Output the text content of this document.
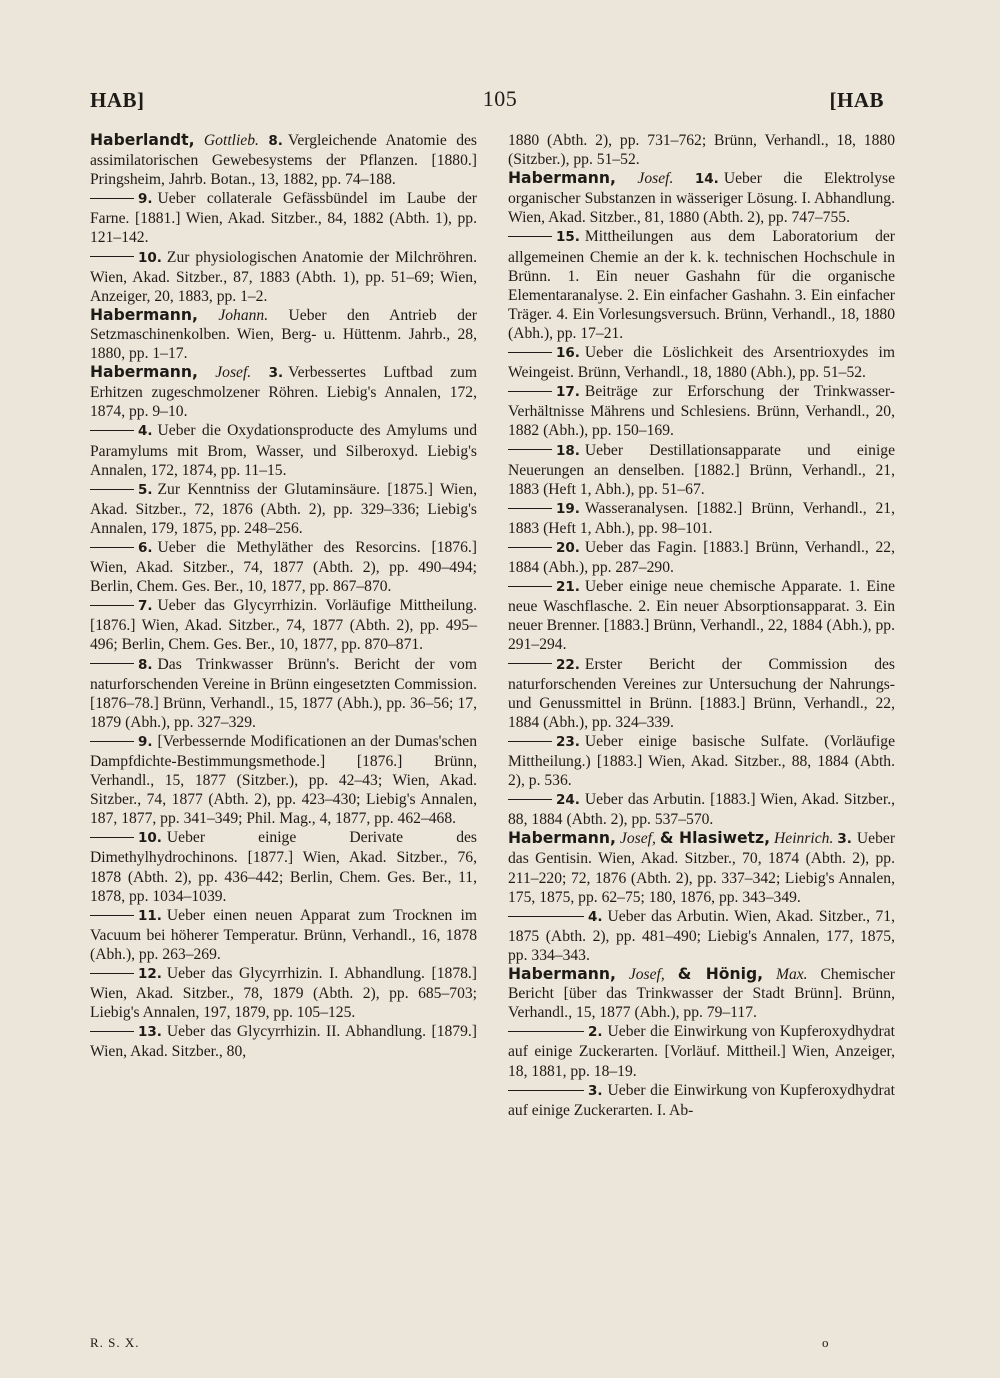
HAB]	105	[HAB

Haberlandt, Gottlieb. 8. Vergleichende Anatomie des assimilatorischen Gewebesystems der Pflanzen. [1880.] Pringsheim, Jahrb. Botan., 13, 1882, pp. 74–188.

9. Ueber collaterale Gefässbündel im Laube der Farne. [1881.] Wien, Akad. Sitzber., 84, 1882 (Abth. 1), pp. 121–142.

10. Zur physiologischen Anatomie der Milchröhren. Wien, Akad. Sitzber., 87, 1883 (Abth. 1), pp. 51–69; Wien, Anzeiger, 20, 1883, pp. 1–2.

Habermann, Johann. Ueber den Antrieb der Setzmaschinenkolben. Wien, Berg- u. Hüttenm. Jahrb., 28, 1880, pp. 1–17.

Habermann, Josef. 3. Verbessertes Luftbad zum Erhitzen zugeschmolzener Röhren. Liebig's Annalen, 172, 1874, pp. 9–10.

4. Ueber die Oxydationsproducte des Amylums und Paramylums mit Brom, Wasser, und Silberoxyd. Liebig's Annalen, 172, 1874, pp. 11–15.

5. Zur Kenntniss der Glutaminsäure. [1875.] Wien, Akad. Sitzber., 72, 1876 (Abth. 2), pp. 329–336; Liebig's Annalen, 179, 1875, pp. 248–256.

6. Ueber die Methyläther des Resorcins. [1876.] Wien, Akad. Sitzber., 74, 1877 (Abth. 2), pp. 490–494; Berlin, Chem. Ges. Ber., 10, 1877, pp. 867–870.

7. Ueber das Glycyrrhizin. Vorläufige Mittheilung. [1876.] Wien, Akad. Sitzber., 74, 1877 (Abth. 2), pp. 495–496; Berlin, Chem. Ges. Ber., 10, 1877, pp. 870–871.

8. Das Trinkwasser Brünn's. Bericht der vom naturforschenden Vereine in Brünn eingesetzten Commission. [1876–78.] Brünn, Verhandl., 15, 1877 (Abh.), pp. 36–56; 17, 1879 (Abh.), pp. 327–329.

9. [Verbessernde Modificationen an der Dumas'schen Dampfdichte-Bestimmungsmethode.] [1876.] Brünn, Verhandl., 15, 1877 (Sitzber.), pp. 42–43; Wien, Akad. Sitzber., 74, 1877 (Abth. 2), pp. 423–430; Liebig's Annalen, 187, 1877, pp. 341–349; Phil. Mag., 4, 1877, pp. 462–468.

10. Ueber einige Derivate des Dimethylhydrochinons. [1877.] Wien, Akad. Sitzber., 76, 1878 (Abth. 2), pp. 436–442; Berlin, Chem. Ges. Ber., 11, 1878, pp. 1034–1039.

11. Ueber einen neuen Apparat zum Trocknen im Vacuum bei höherer Temperatur. Brünn, Verhandl., 16, 1878 (Abh.), pp. 263–269.

12. Ueber das Glycyrrhizin. I. Abhandlung. [1878.] Wien, Akad. Sitzber., 78, 1879 (Abth. 2), pp. 685–703; Liebig's Annalen, 197, 1879, pp. 105–125.

13. Ueber das Glycyrrhizin. II. Abhandlung. [1879.] Wien, Akad. Sitzber., 80,

1880 (Abth. 2), pp. 731–762; Brünn, Verhandl., 18, 1880 (Sitzber.), pp. 51–52.

Habermann, Josef. 14. Ueber die Elektrolyse organischer Substanzen in wässeriger Lösung. I. Abhandlung. Wien, Akad. Sitzber., 81, 1880 (Abth. 2), pp. 747–755.

15. Mittheilungen aus dem Laboratorium der allgemeinen Chemie an der k. k. technischen Hochschule in Brünn. 1. Ein neuer Gashahn für die organische Elementaranalyse. 2. Ein einfacher Gashahn. 3. Ein einfacher Träger. 4. Ein Vorlesungsversuch. Brünn, Verhandl., 18, 1880 (Abh.), pp. 17–21.

16. Ueber die Löslichkeit des Arsentrioxydes im Weingeist. Brünn, Verhandl., 18, 1880 (Abh.), pp. 51–52.

17. Beiträge zur Erforschung der Trinkwasser-Verhältnisse Mährens und Schlesiens. Brünn, Verhandl., 20, 1882 (Abh.), pp. 150–169.

18. Ueber Destillationsapparate und einige Neuerungen an denselben. [1882.] Brünn, Verhandl., 21, 1883 (Heft 1, Abh.), pp. 51–67.

19. Wasseranalysen. [1882.] Brünn, Verhandl., 21, 1883 (Heft 1, Abh.), pp. 98–101.

20. Ueber das Fagin. [1883.] Brünn, Verhandl., 22, 1884 (Abh.), pp. 287–290.

21. Ueber einige neue chemische Apparate. 1. Eine neue Waschflasche. 2. Ein neuer Absorptionsapparat. 3. Ein neuer Brenner. [1883.] Brünn, Verhandl., 22, 1884 (Abh.), pp. 291–294.

22. Erster Bericht der Commission des naturforschenden Vereines zur Untersuchung der Nahrungs- und Genussmittel in Brünn. [1883.] Brünn, Verhandl., 22, 1884 (Abh.), pp. 324–339.

23. Ueber einige basische Sulfate. (Vorläufige Mittheilung.) [1883.] Wien, Akad. Sitzber., 88, 1884 (Abth. 2), p. 536.

24. Ueber das Arbutin. [1883.] Wien, Akad. Sitzber., 88, 1884 (Abth. 2), pp. 537–570.

Habermann, Josef, & Hlasiwetz, Heinrich. 3. Ueber das Gentisin. Wien, Akad. Sitzber., 70, 1874 (Abth. 2), pp. 211–220; 72, 1876 (Abth. 2), pp. 337–342; Liebig's Annalen, 175, 1875, pp. 62–75; 180, 1876, pp. 343–349.

4. Ueber das Arbutin. Wien, Akad. Sitzber., 71, 1875 (Abth. 2), pp. 481–490; Liebig's Annalen, 177, 1875, pp. 334–343.

Habermann, Josef, & Hönig, Max. Chemischer Bericht [über das Trinkwasser der Stadt Brünn]. Brünn, Verhandl., 15, 1877 (Abh.), pp. 79–117.

2. Ueber die Einwirkung von Kupferoxydhydrat auf einige Zuckerarten. [Vorläuf. Mittheil.] Wien, Anzeiger, 18, 1881, pp. 18–19.

3. Ueber die Einwirkung von Kupferoxydhydrat auf einige Zuckerarten. I. Ab-

R. S. X.	o
